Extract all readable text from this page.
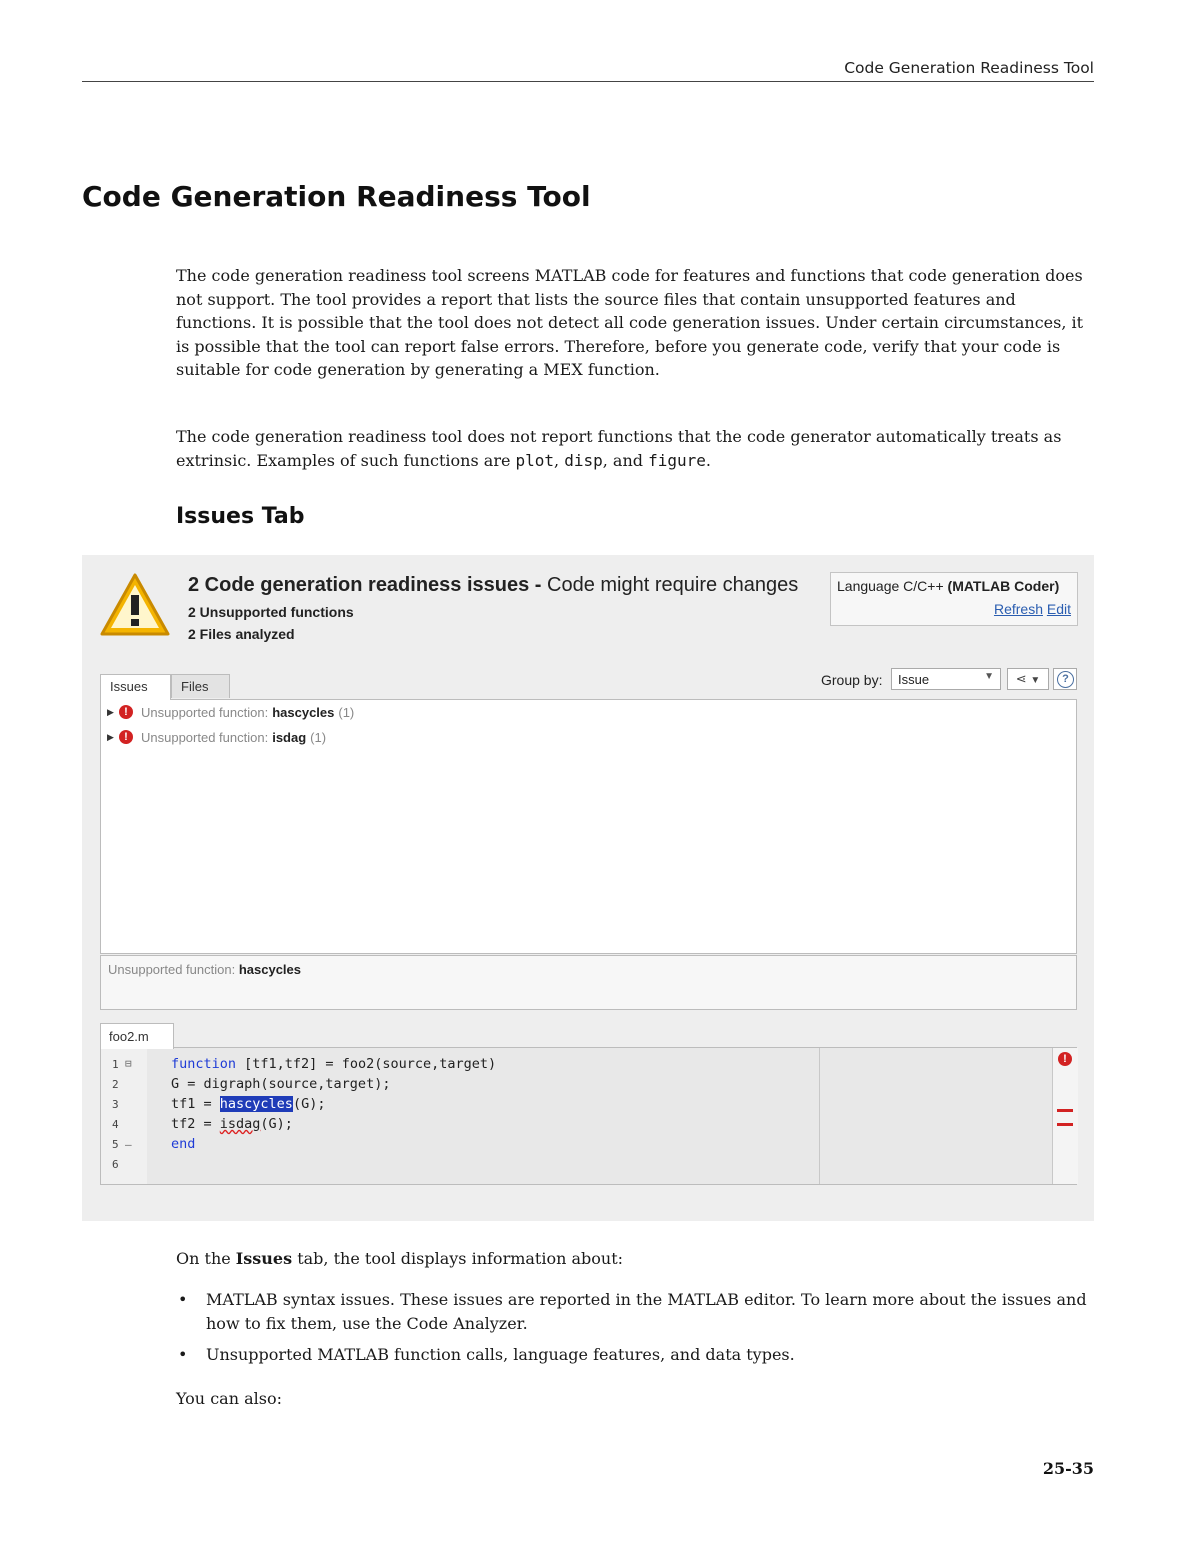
Code Generation Readiness Tool
Code Generation Readiness Tool

The code generation readiness tool screens MATLAB code for features and functions that code generation does not support. The tool provides a report that lists the source files that contain unsupported features and functions. It is possible that the tool does not detect all code generation issues. Under certain circumstances, it is possible that the tool can report false errors. Therefore, before you generate code, verify that your code is suitable for code generation by generating a MEX function.

The code generation readiness tool does not report functions that the code generator automatically treats as extrinsic. Examples of such functions are plot, disp, and figure.

Issues Tab
2 Code generation readiness issues - Code might require changes
2 Unsupported functions
2 Files analyzed
Language C/C++ (MATLAB Coder)
Refresh Edit
Issues	Files	Group by:	Issue	▼	⋖ ▼	?
▶ !	Unsupported function: hascycles (1)
▶ !	Unsupported function: isdag (1)
Unsupported function: hascycles
foo2.m
1 ⊟
2
3
4
5 –
6
function [tf1,tf2] = foo2(source,target)
G = digraph(source,target);
tf1 = hascycles(G);
tf2 = isdag(G);
end
!

On the Issues tab, the tool displays information about:

• MATLAB syntax issues. These issues are reported in the MATLAB editor. To learn more about the issues and how to fix them, use the Code Analyzer.
• Unsupported MATLAB function calls, language features, and data types.

You can also:

25-35
